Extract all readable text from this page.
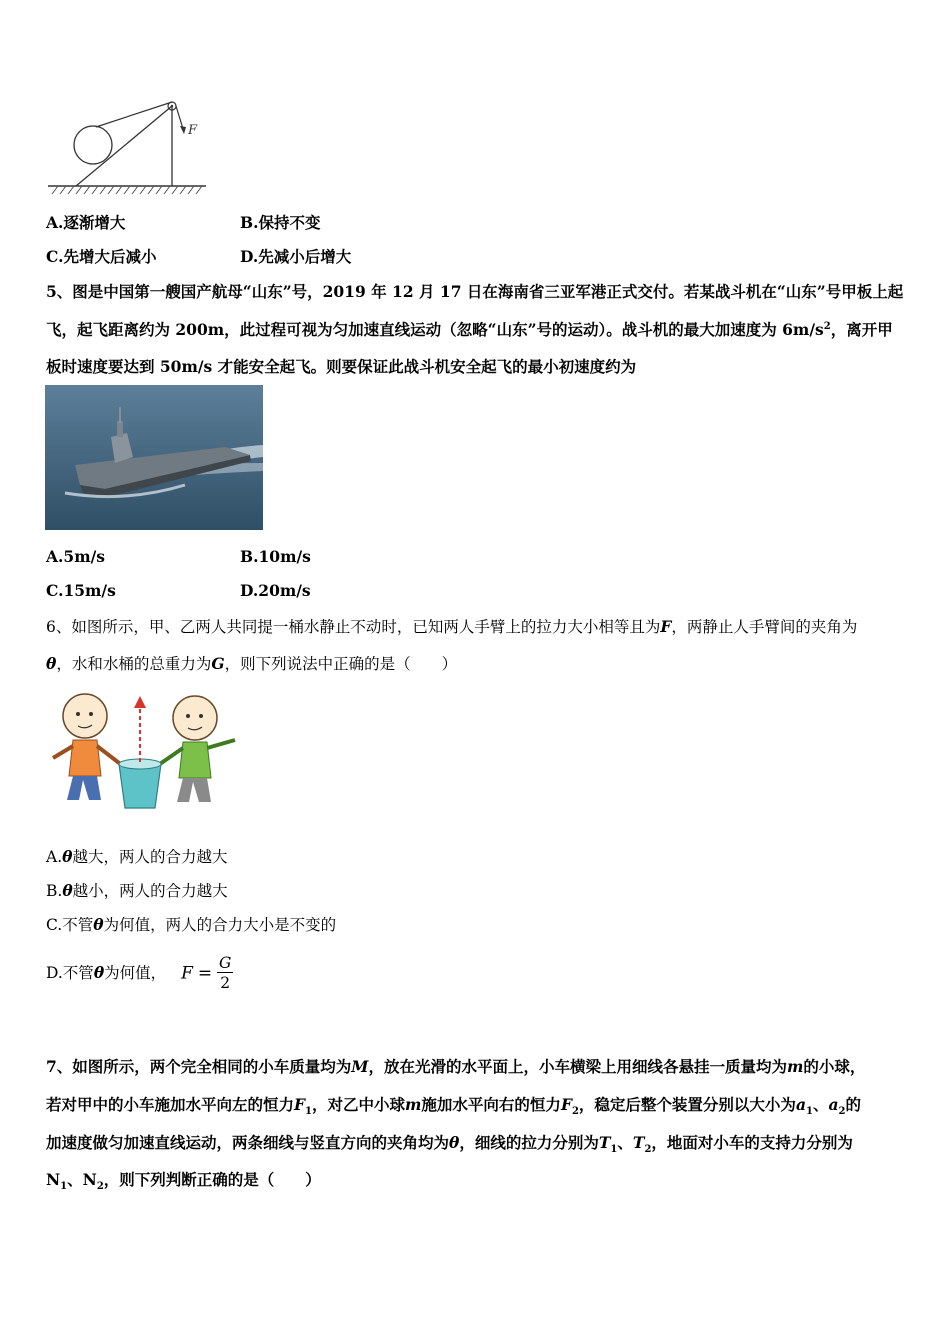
F
A.逐渐增大	B.保持不变
C.先增大后减小	D.先减小后增大
5、图是中国第一艘国产航母“山东”号，2019 年 12 月 17 日在海南省三亚军港正式交付。若某战斗机在“山东”号甲板上起
飞，起飞距离约为 200m，此过程可视为匀加速直线运动（忽略“山东”号的运动）。战斗机的最大加速度为 $6m/s^2$，离开甲
板时速度要达到 50m/s 才能安全起飞。则要保证此战斗机安全起飞的最小初速度约为
A.5m/s	B.10m/s
C.15m/s	D.20m/s
6、如图所示，甲、乙两人共同提一桶水静止不动时，已知两人手臂上的拉力大小相等且为F，两静止人手臂间的夹角为
θ，水和水桶的总重力为G，则下列说法中正确的是（　　）
A.θ越大，两人的合力越大
B.θ越小，两人的合力越大
C.不管θ为何值，两人的合力大小是不变的
D.不管θ为何值， $F = \frac{G}{2}$
7、如图所示，两个完全相同的小车质量均为M，放在光滑的水平面上，小车横梁上用细线各悬挂一质量均为m的小球，
若对甲中的小车施加水平向左的恒力$F_1$，对乙中小球m施加水平向右的恒力$F_2$，稳定后整个装置分别以大小为$a_1$、$a_2$的
加速度做匀加速直线运动，两条细线与竖直方向的夹角均为θ，细线的拉力分别为$T_1$、$T_2$，地面对小车的支持力分别为
$N_1$、$N_2$，则下列判断正确的是（　　）
